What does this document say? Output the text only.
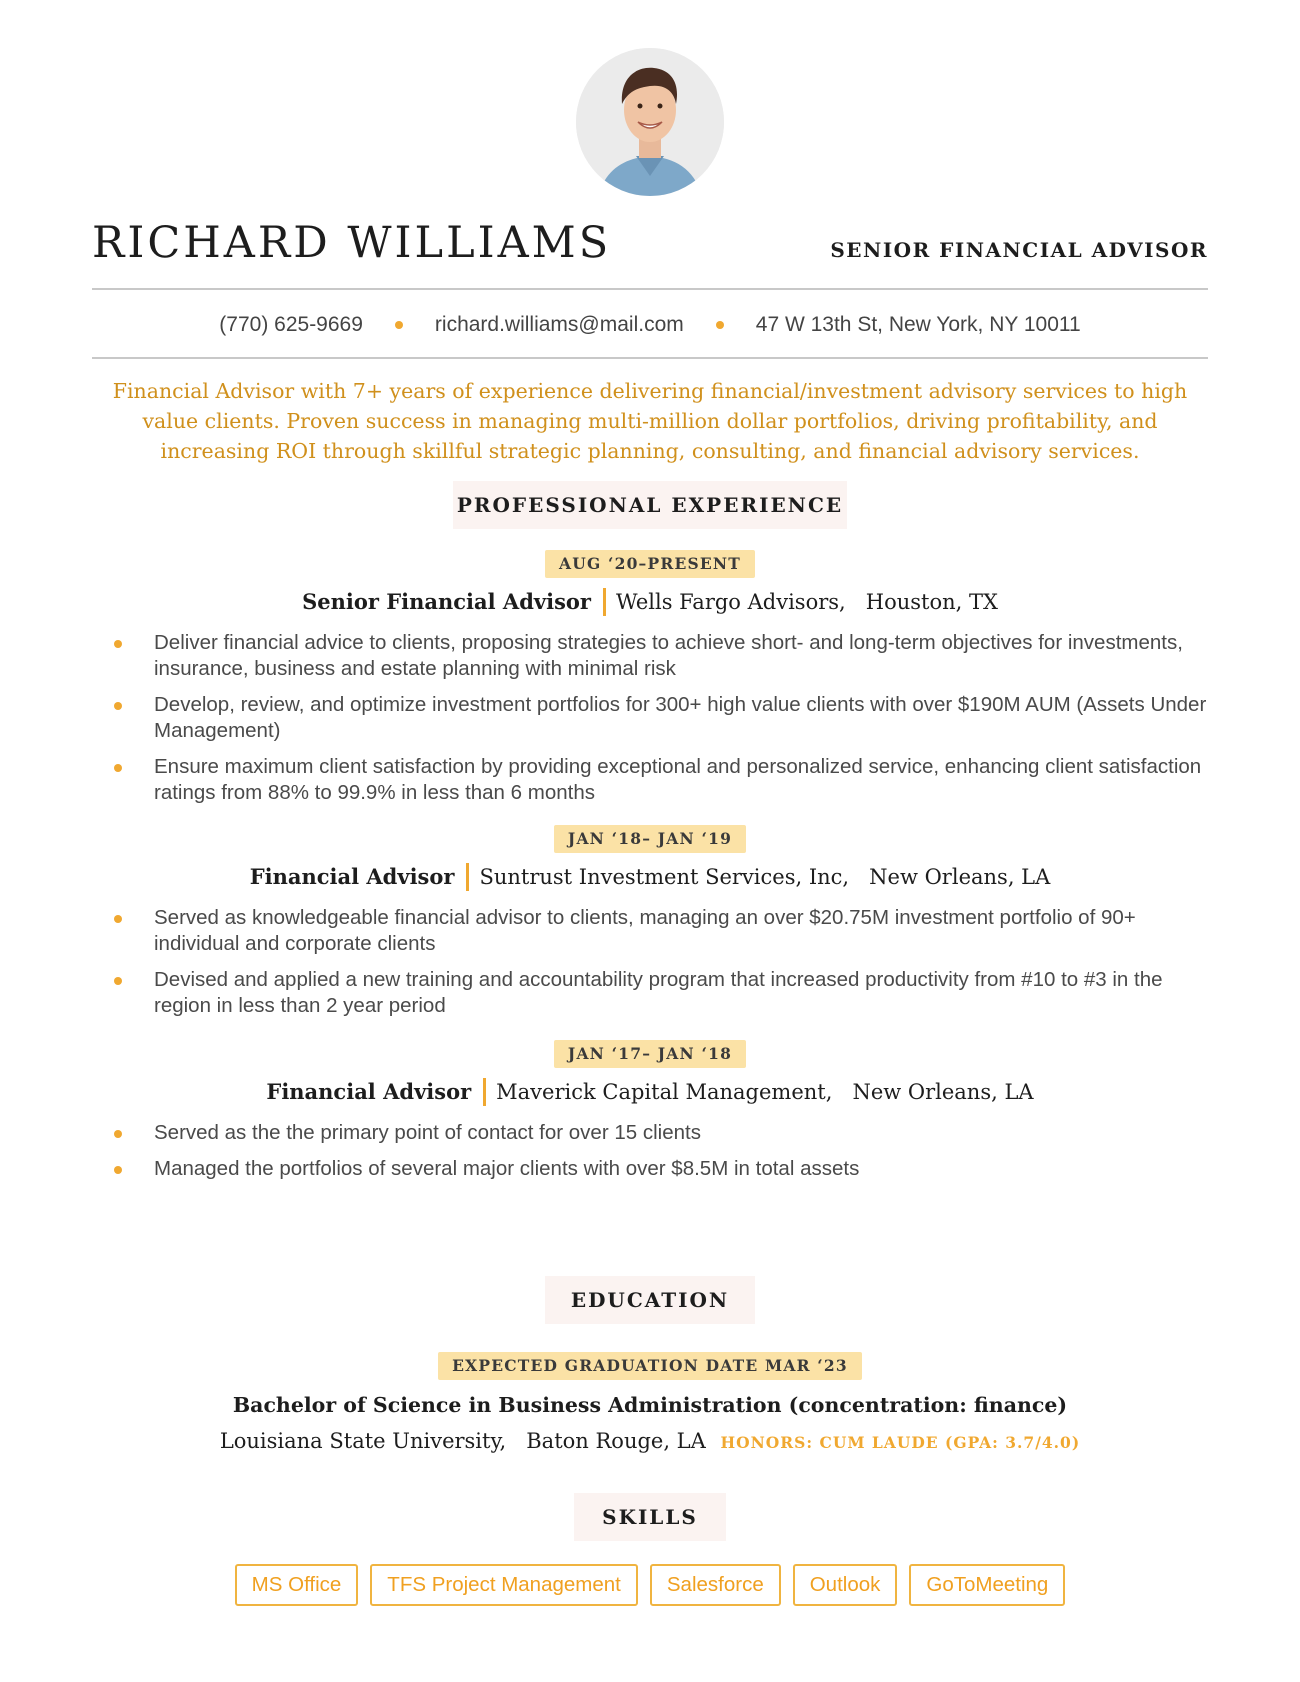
RICHARD WILLIAMS	SENIOR FINANCIAL ADVISOR
(770) 625-9669	richard.williams@mail.com	47 W 13th St, New York, NY 10011

Financial Advisor with 7+ years of experience delivering financial/investment advisory services to high value clients. Proven success in managing multi-million dollar portfolios, driving profitability, and increasing ROI through skillful strategic planning, consulting, and financial advisory services.

PROFESSIONAL EXPERIENCE
AUG ‘20–PRESENT
Senior Financial Advisor Wells Fargo Advisors, Houston, TX
Deliver financial advice to clients, proposing strategies to achieve short- and long-term objectives for investments, insurance, business and estate planning with minimal risk
Develop, review, and optimize investment portfolios for 300+ high value clients with over $190M AUM (Assets Under Management)
Ensure maximum client satisfaction by providing exceptional and personalized service, enhancing client satisfaction ratings from 88% to 99.9% in less than 6 months
JAN ‘18– JAN ‘19
Financial Advisor Suntrust Investment Services, Inc, New Orleans, LA
Served as knowledgeable financial advisor to clients, managing an over $20.75M investment portfolio of 90+ individual and corporate clients
Devised and applied a new training and accountability program that increased productivity from #10 to #3 in the region in less than 2 year period
JAN ‘17– JAN ‘18
Financial Advisor Maverick Capital Management, New Orleans, LA
Served as the the primary point of contact for over 15 clients
Managed the portfolios of several major clients with over $8.5M in total assets
EDUCATION
EXPECTED GRADUATION DATE MAR ‘23
Bachelor of Science in Business Administration (concentration: finance)
Louisiana State University, Baton Rouge, LA HONORS: CUM LAUDE (GPA: 3.7/4.0)
SKILLS
MS Office	TFS Project Management	Salesforce	Outlook	GoToMeeting
